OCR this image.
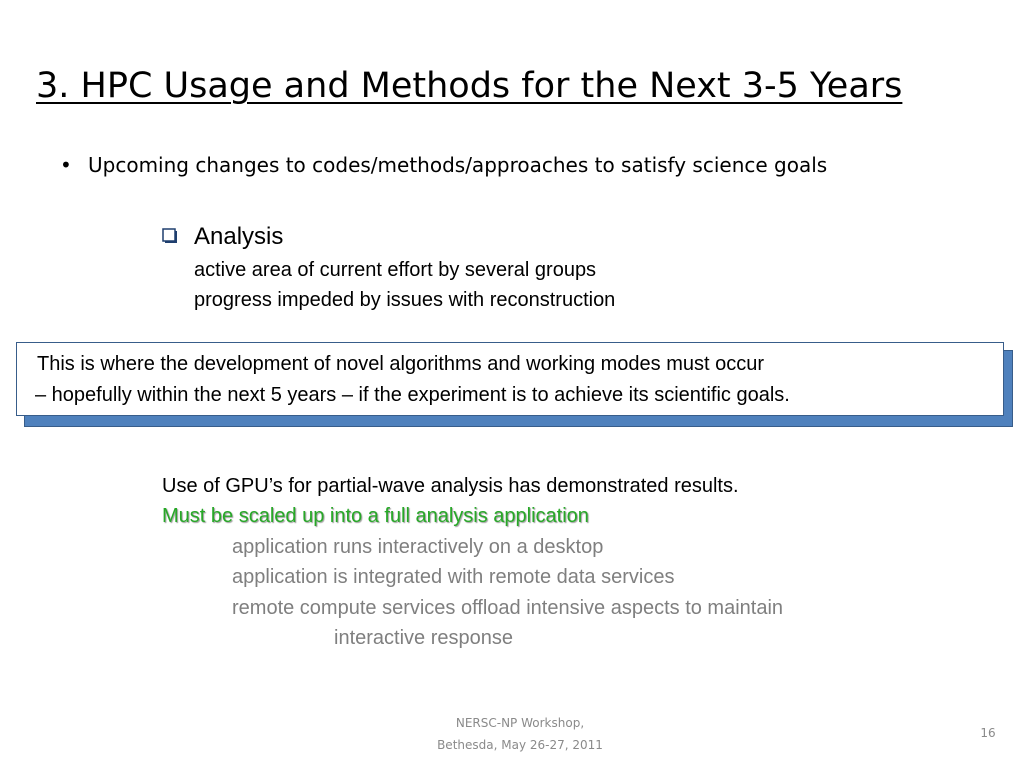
3. HPC Usage and Methods for the Next 3-5 Years
• Upcoming changes to codes/methods/approaches to satisfy science goals
Analysis
active area of current effort by several groups
progress impeded by issues with reconstruction
This is where the development of novel algorithms and working modes must occur
– hopefully within the next 5 years – if the experiment is to achieve its scientific goals.
Use of GPU’s for partial-wave analysis has demonstrated results.
Must be scaled up into a full analysis application
application runs interactively on a desktop
application is integrated with remote data services
remote compute services offload intensive aspects to maintain
interactive response
NERSC-NP Workshop,
Bethesda, May 26-27, 2011
16
